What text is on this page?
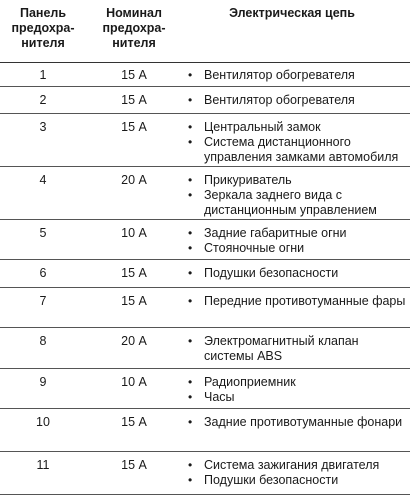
Панель предохра-нителя
Номинал предохра-нителя
Электрическая цепь
1	15 А	• Вентилятор обогревателя
2	15 А	• Вентилятор обогревателя
3	15 А	• Центральный замок
• Система дистанционного управления замками автомобиля
4	20 А	• Прикуриватель
• Зеркала заднего вида с дистанционным управлением
5	10 А	• Задние габаритные огни
• Стояночные огни
6	15 А	• Подушки безопасности
7	15 А	• Передние противотуманные фары
8	20 А	• Электромагнитный клапан системы ABS
9	10 А	• Радиоприемник
• Часы
10	15 А	• Задние противотуманные фонари
11	15 А	• Система зажигания двигателя
• Подушки безопасности
